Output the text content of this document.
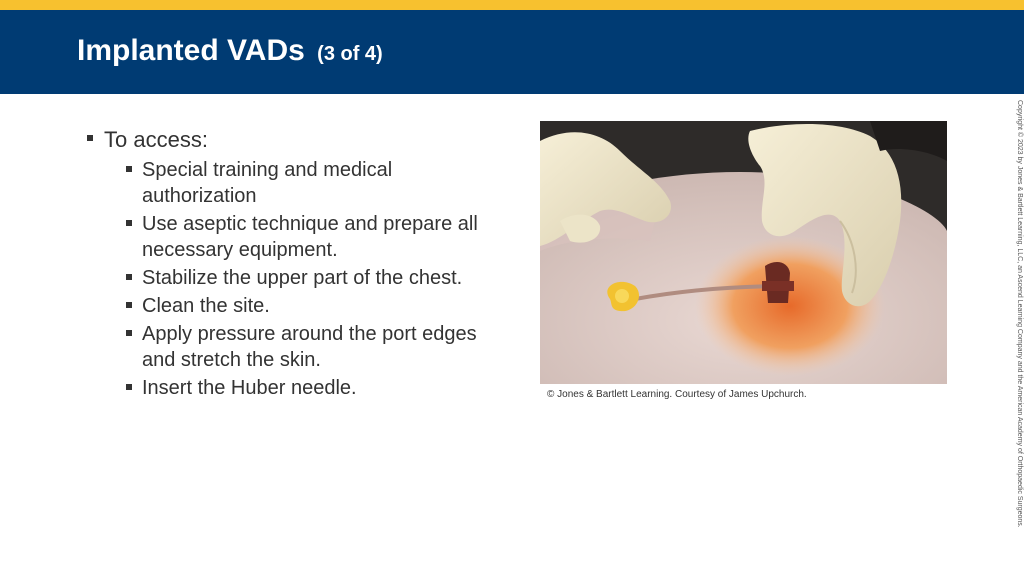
Implanted VADs (3 of 4)
To access:
Special training and medical authorization
Use aseptic technique and prepare all necessary equipment.
Stabilize the upper part of the chest.
Clean the site.
Apply pressure around the port edges and stretch the skin.
Insert the Huber needle.	© Jones & Bartlett Learning. Courtesy of James Upchurch.	Copyright © 2023 by Jones & Bartlett Learning, LLC, an Ascend Learning Company and the American Academy of Orthopaedic Surgeons.
